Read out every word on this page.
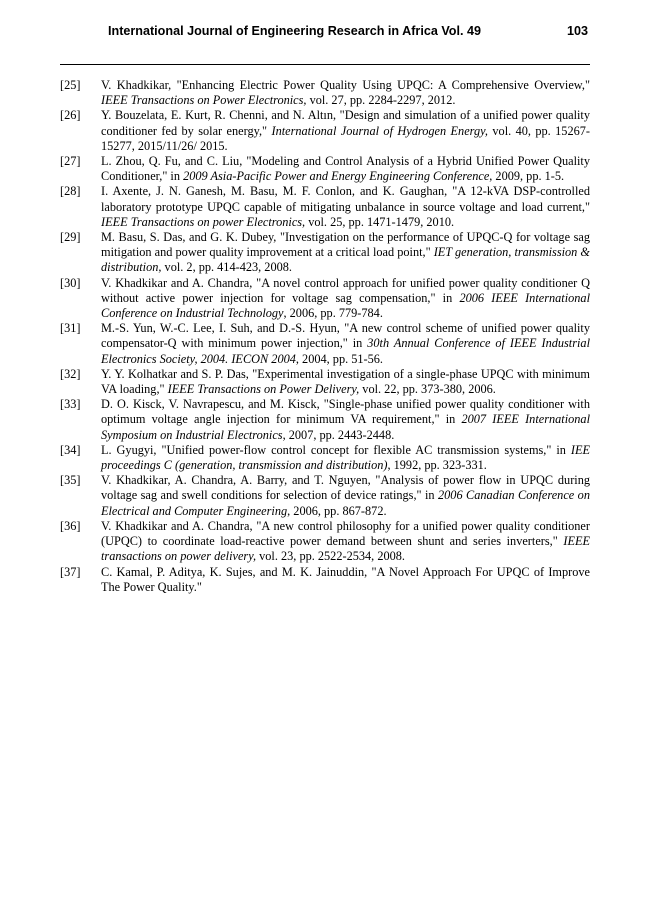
International Journal of Engineering Research in Africa Vol. 49	103
[25]	V. Khadkikar, "Enhancing Electric Power Quality Using UPQC: A Comprehensive Overview," IEEE Transactions on Power Electronics, vol. 27, pp. 2284-2297, 2012.
[26]	Y. Bouzelata, E. Kurt, R. Chenni, and N. Altın, "Design and simulation of a unified power quality conditioner fed by solar energy," International Journal of Hydrogen Energy, vol. 40, pp. 15267-15277, 2015/11/26/ 2015.
[27]	L. Zhou, Q. Fu, and C. Liu, "Modeling and Control Analysis of a Hybrid Unified Power Quality Conditioner," in 2009 Asia-Pacific Power and Energy Engineering Conference, 2009, pp. 1-5.
[28]	I. Axente, J. N. Ganesh, M. Basu, M. F. Conlon, and K. Gaughan, "A 12-kVA DSP-controlled laboratory prototype UPQC capable of mitigating unbalance in source voltage and load current," IEEE Transactions on power Electronics, vol. 25, pp. 1471-1479, 2010.
[29]	M. Basu, S. Das, and G. K. Dubey, "Investigation on the performance of UPQC-Q for voltage sag mitigation and power quality improvement at a critical load point," IET generation, transmission & distribution, vol. 2, pp. 414-423, 2008.
[30]	V. Khadkikar and A. Chandra, "A novel control approach for unified power quality conditioner Q without active power injection for voltage sag compensation," in 2006 IEEE International Conference on Industrial Technology, 2006, pp. 779-784.
[31]	M.-S. Yun, W.-C. Lee, I. Suh, and D.-S. Hyun, "A new control scheme of unified power quality compensator-Q with minimum power injection," in 30th Annual Conference of IEEE Industrial Electronics Society, 2004. IECON 2004, 2004, pp. 51-56.
[32]	Y. Y. Kolhatkar and S. P. Das, "Experimental investigation of a single-phase UPQC with minimum VA loading," IEEE Transactions on Power Delivery, vol. 22, pp. 373-380, 2006.
[33]	D. O. Kisck, V. Navrapescu, and M. Kisck, "Single-phase unified power quality conditioner with optimum voltage angle injection for minimum VA requirement," in 2007 IEEE International Symposium on Industrial Electronics, 2007, pp. 2443-2448.
[34]	L. Gyugyi, "Unified power-flow control concept for flexible AC transmission systems," in IEE proceedings C (generation, transmission and distribution), 1992, pp. 323-331.
[35]	V. Khadkikar, A. Chandra, A. Barry, and T. Nguyen, "Analysis of power flow in UPQC during voltage sag and swell conditions for selection of device ratings," in 2006 Canadian Conference on Electrical and Computer Engineering, 2006, pp. 867-872.
[36]	V. Khadkikar and A. Chandra, "A new control philosophy for a unified power quality conditioner (UPQC) to coordinate load-reactive power demand between shunt and series inverters," IEEE transactions on power delivery, vol. 23, pp. 2522-2534, 2008.
[37]	C. Kamal, P. Aditya, K. Sujes, and M. K. Jainuddin, "A Novel Approach For UPQC of Improve The Power Quality."
